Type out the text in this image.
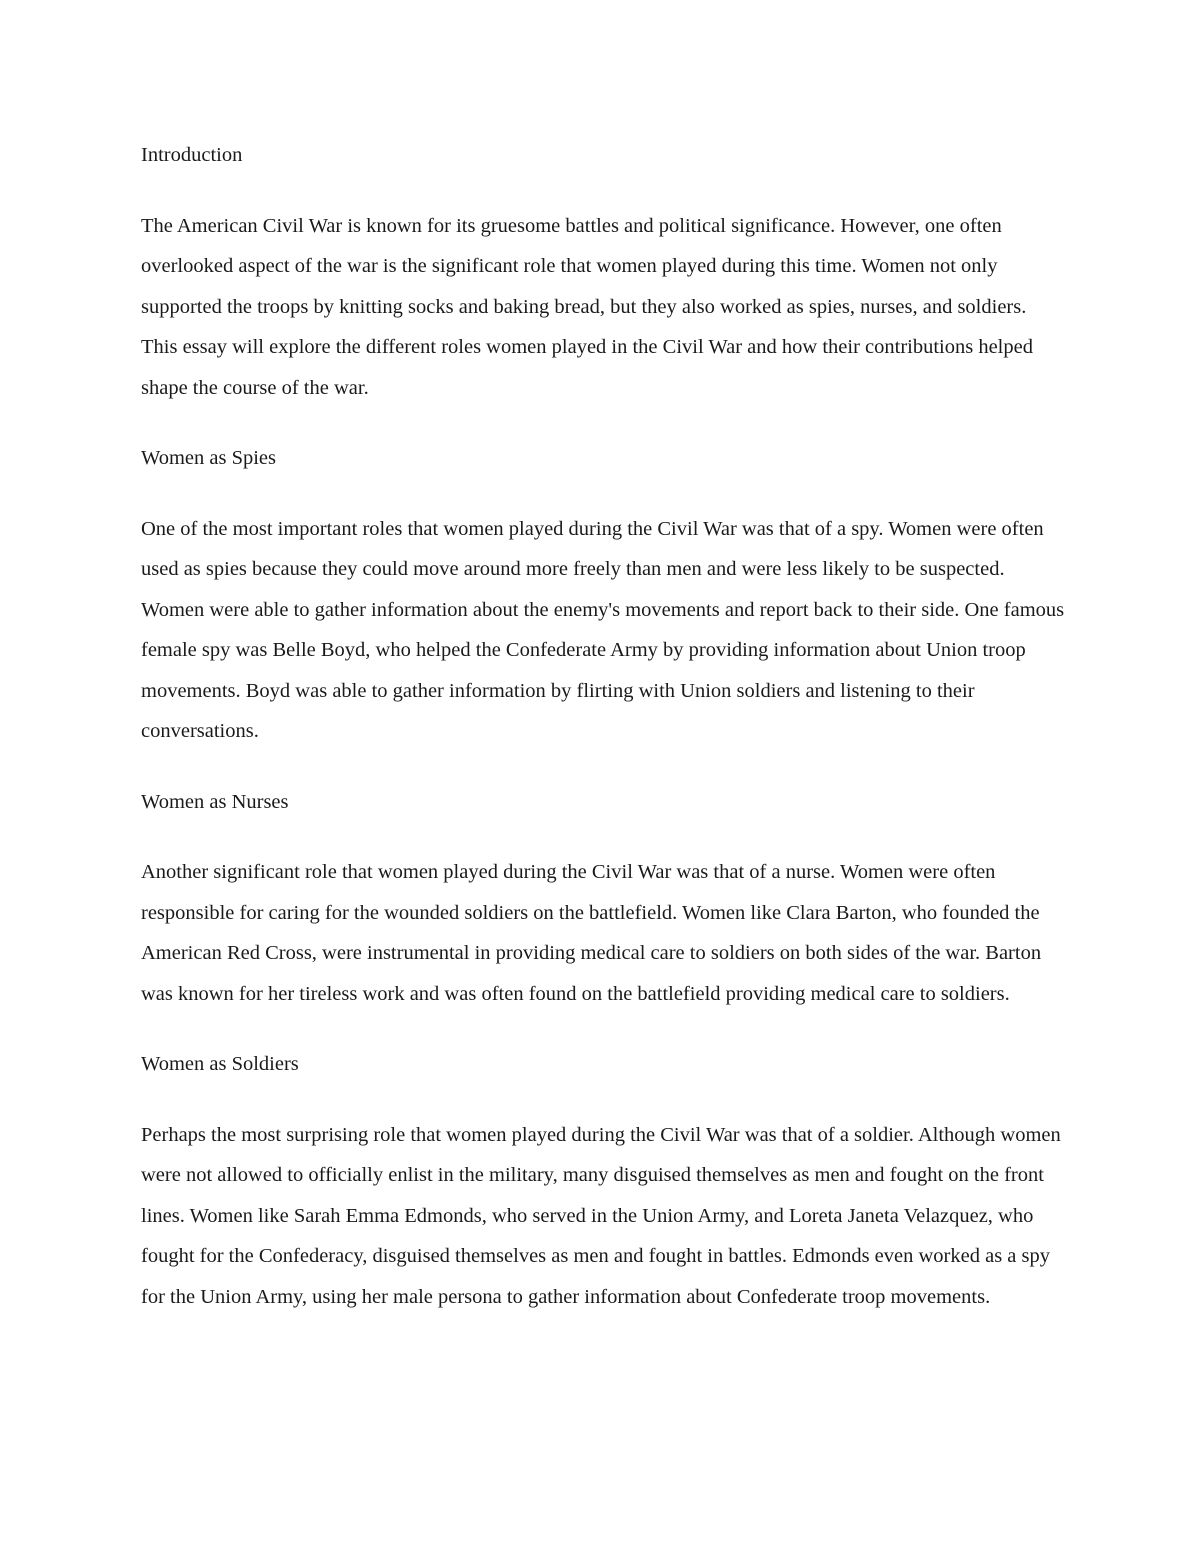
Introduction

The American Civil War is known for its gruesome battles and political significance. However, one often overlooked aspect of the war is the significant role that women played during this time. Women not only supported the troops by knitting socks and baking bread, but they also worked as spies, nurses, and soldiers. This essay will explore the different roles women played in the Civil War and how their contributions helped shape the course of the war.

Women as Spies

One of the most important roles that women played during the Civil War was that of a spy. Women were often used as spies because they could move around more freely than men and were less likely to be suspected. Women were able to gather information about the enemy's movements and report back to their side. One famous female spy was Belle Boyd, who helped the Confederate Army by providing information about Union troop movements. Boyd was able to gather information by flirting with Union soldiers and listening to their conversations.

Women as Nurses

Another significant role that women played during the Civil War was that of a nurse. Women were often responsible for caring for the wounded soldiers on the battlefield. Women like Clara Barton, who founded the American Red Cross, were instrumental in providing medical care to soldiers on both sides of the war. Barton was known for her tireless work and was often found on the battlefield providing medical care to soldiers.

Women as Soldiers

Perhaps the most surprising role that women played during the Civil War was that of a soldier. Although women were not allowed to officially enlist in the military, many disguised themselves as men and fought on the front lines. Women like Sarah Emma Edmonds, who served in the Union Army, and Loreta Janeta Velazquez, who fought for the Confederacy, disguised themselves as men and fought in battles. Edmonds even worked as a spy for the Union Army, using her male persona to gather information about Confederate troop movements.
